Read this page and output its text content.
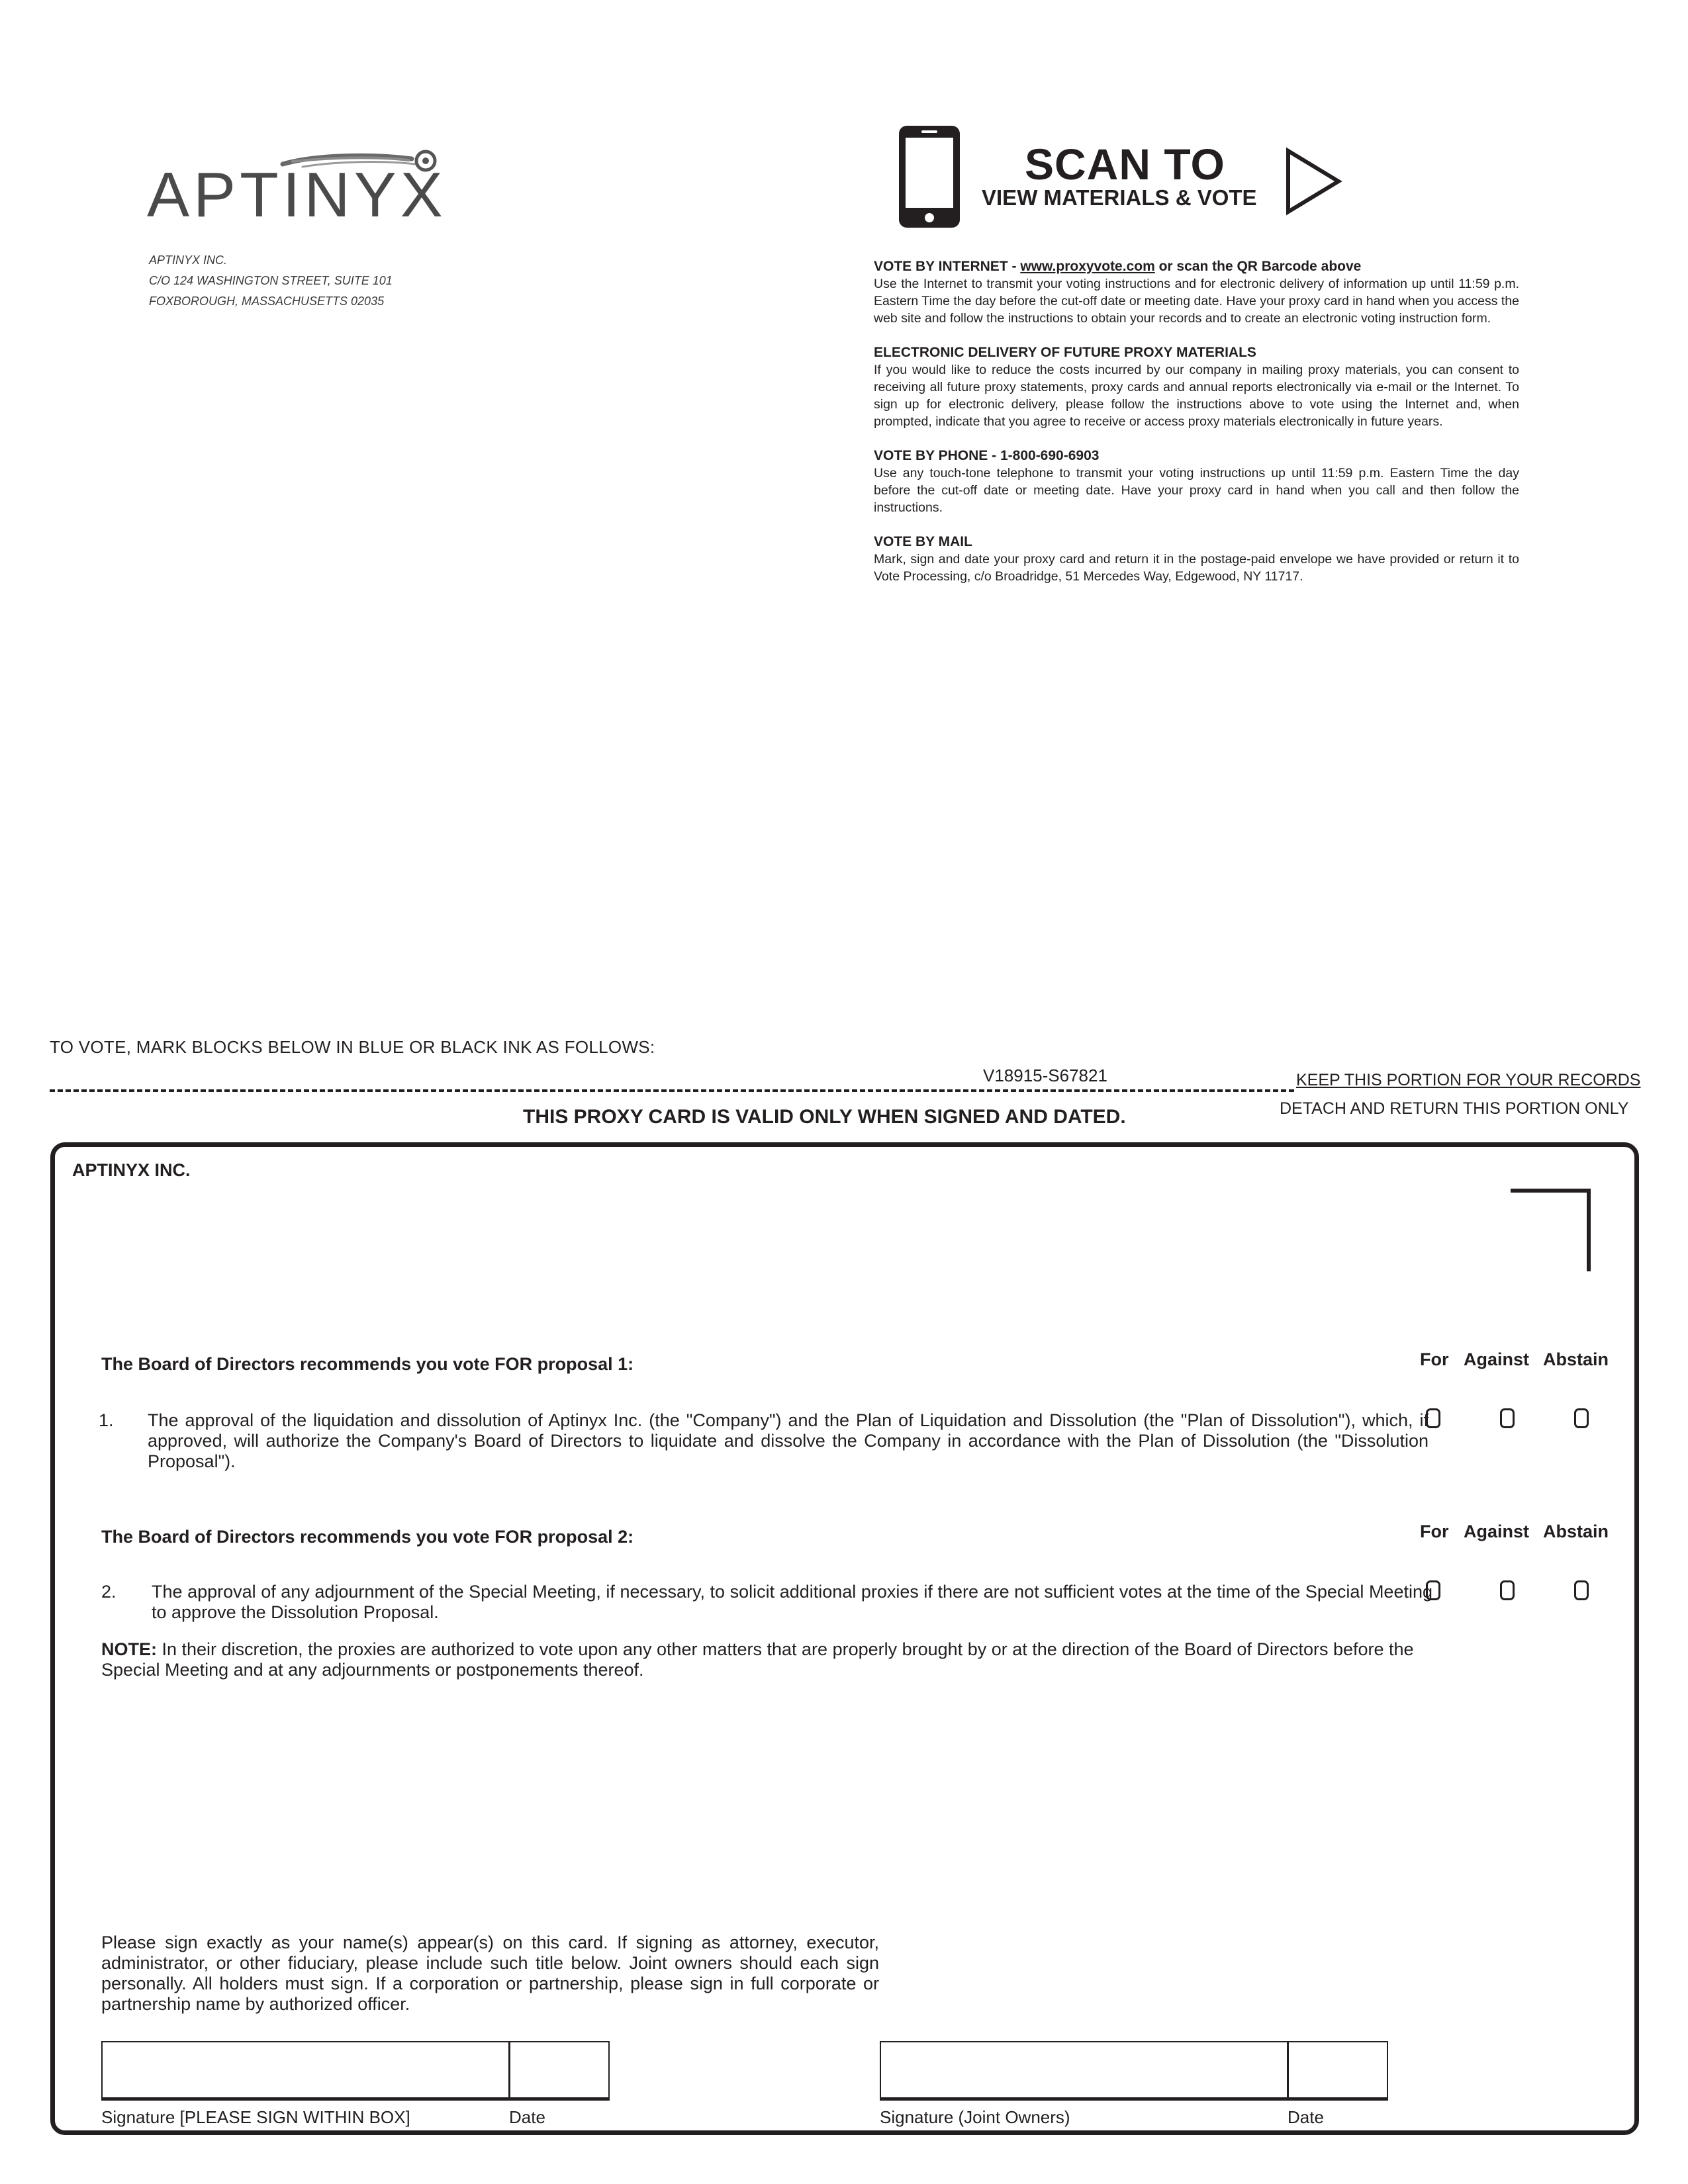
APTINYX
APTINYX INC.
C/O 124 WASHINGTON STREET, SUITE 101
FOXBOROUGH, MASSACHUSETTS 02035
SCAN TO
VIEW MATERIALS & VOTE
VOTE BY INTERNET - www.proxyvote.com or scan the QR Barcode above

Use the Internet to transmit your voting instructions and for electronic delivery of information up until 11:59 p.m. Eastern Time the day before the cut-off date or meeting date. Have your proxy card in hand when you access the web site and follow the instructions to obtain your records and to create an electronic voting instruction form.

ELECTRONIC DELIVERY OF FUTURE PROXY MATERIALS

If you would like to reduce the costs incurred by our company in mailing proxy materials, you can consent to receiving all future proxy statements, proxy cards and annual reports electronically via e-mail or the Internet. To sign up for electronic delivery, please follow the instructions above to vote using the Internet and, when prompted, indicate that you agree to receive or access proxy materials electronically in future years.

VOTE BY PHONE - 1-800-690-6903

Use any touch-tone telephone to transmit your voting instructions up until 11:59 p.m. Eastern Time the day before the cut-off date or meeting date. Have your proxy card in hand when you call and then follow the instructions.

VOTE BY MAIL

Mark, sign and date your proxy card and return it in the postage-paid envelope we have provided or return it to Vote Processing, c/o Broadridge, 51 Mercedes Way, Edgewood, NY 11717.

TO VOTE, MARK BLOCKS BELOW IN BLUE OR BLACK INK AS FOLLOWS:
V18915-S67821	KEEP THIS PORTION FOR YOUR RECORDS
DETACH AND RETURN THIS PORTION ONLY
THIS PROXY CARD IS VALID ONLY WHEN SIGNED AND DATED.
APTINYX INC.
The Board of Directors recommends you vote FOR proposal 1:	For Against Abstain
1. The approval of the liquidation and dissolution of Aptinyx Inc. (the "Company") and the Plan of Liquidation and Dissolution (the "Plan of Dissolution"), which, if approved, will authorize the Company's Board of Directors to liquidate and dissolve the Company in accordance with the Plan of Dissolution (the "Dissolution Proposal").
The Board of Directors recommends you vote FOR proposal 2:	For Against Abstain
2. The approval of any adjournment of the Special Meeting, if necessary, to solicit additional proxies if there are not sufficient votes at the time of the Special Meeting to approve the Dissolution Proposal.
NOTE: In their discretion, the proxies are authorized to vote upon any other matters that are properly brought by or at the direction of the Board of Directors before the Special Meeting and at any adjournments or postponements thereof.
Please sign exactly as your name(s) appear(s) on this card. If signing as attorney, executor, administrator, or other fiduciary, please include such title below. Joint owners should each sign personally. All holders must sign. If a corporation or partnership, please sign in full corporate or partnership name by authorized officer.
Signature [PLEASE SIGN WITHIN BOX]	Date	Signature (Joint Owners)	Date
